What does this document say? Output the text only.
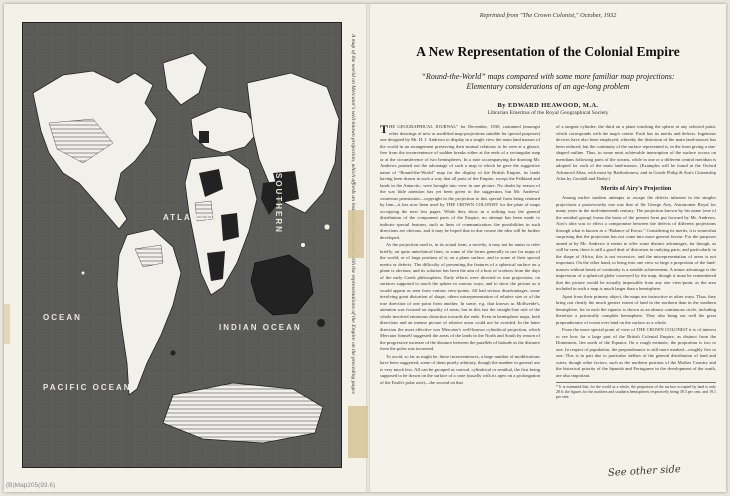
ATLANTIC
INDIAN OCEAN
SOUTHERN
PACIFIC OCEAN
OCEAN
(B)Map205(93.6)
Reprinted from "The Crown Colonist," October, 1932
A New Representation of the Colonial Empire
“Round-the-World” maps compared with some more familiar map projections: Elementary considerations of an age-long problem
By EDWARD HEAWOOD, M.A.
Librarian Emeritus of the Royal Geographical Society

THE GEOGRAPHICAL JOURNAL” for December, 1930, contained (amongst other drawings of new or modified map-projections suitable for special purposes) one designed by Mr. H. J. Andrews to display in a single view the main land masses of the world in an arrangement preserving their mutual relations to be seen at a glance, free from the inconvenience of sudden breaks either at the ends of a rectangular map or at the circumference of two hemispheres. In a note accompanying the drawing Mr. Andrews pointed out the advantage of such a map to which he gave the suggestive name of “Round-the-World” map for the display of the British Empire, its lands having been drawn in such a way that all parts of the Empire, except the Falkland and lands in the Antarctic, were brought into view in one picture. No doubt by reason of the war little attention has yet been given to the suggestion, but Mr. Andrews' courteous permission—copyright in the projection to this special form being retained by him—it has now been used by THE CROWN COLONIST for the plate of maps occupying the next few pages. While they show in a striking way the general distribution of the component parts of the Empire, no attempt has been made to indicate special features, such as lines of communication: the possibilities in such directions are obvious, and it may be hoped that in due course the idea will be further developed.

As the projection used is, in its actual form, a novelty, it may not be amiss to refer briefly, on quite untechnical lines, to some of the forms generally in use for maps of the world, or of large portions of it, on a plane surface, and to some of their special merits or defects. The difficulty of presenting the features of a spherical surface on a plane is obvious; and its solution has been the aim of a host of workers from the days of the early Greek philosophers. Early efforts were directed to true projections, on surfaces supposed to touch the sphere in various ways, and to show the picture as it would appear as seen from various view-points. All had serious disadvantages, some involving great distortion of shape, others misrepresentation of relative size or of the true direction of one point from another. In some, e.g. that known as Mollweide's, attention was focused on equality of areas, but in this last the straight-line rule of the whole involved enormous distortion towards the ends. Even in hemisphere maps, both directions and an intense picture of relative areas could not be avoided. In the latter direction the most effective was Mercator's well-known cylindrical projection, which Mercator himself suggested the areas of the lands in the North and South by reason of the progressive increase of the distance between the parallels of latitude as the distance from the poles was increased.

To avoid, so far as might be, these inconveniences, a large number of modifications have been suggested, some of them purely arbitrary, though the number in general use is very much less. All can be grouped as conical, cylindrical or zenithal, the first being supposed to be drawn on the surface of a cone (usually with its apex on a prolongation of the Earth's polar axis)—the second on that

of a tangent cylinder; the third on a plane touching the sphere at any selected point, which corresponds with the map's centre. Each has its merits and defects. Ingenious devices have also been employed, whereby the distortion of the main land-masses has been reduced, but the continuity of the surface represented is, in the form giving a star-shaped outline. Thus, in some most achievable interruption of the surface occurs on meridians following parts of the oceans, while in one or a different central meridian is adopted for each of the main land-masses. (Examples will be found in the Oxford Advanced Atlas, with most by Bartholomew, and in Goode Philip & Son's Citizenship Atlas by Goodall and Darby.)

Merits of Airy's Projection

Among earlier modern attempts to escape the defects inherent in the simpler projections a praiseworthy one was that of Sir George Airy, Astronomer Royal for many years in the mid-nineteenth century. The projection known by his name (one of the zenithal group) forms the basis of the present form put forward by Mr. Andrews. Airy's idea was to effect a compromise between the defects of different projections through what is known as a “Balance of Errors.” Considering its merits, it is somewhat surprising that the projection has not come into more general favour. For the purposes aimed at by Mr. Andrews it seems to offer some distinct advantages, for though, as will be seen, there is still a good deal of distortion in outlying parts, and particularly in the shape of Africa, this is not excessive, and the misrepresentation of areas is not important. On the other hand, to bring into one view so large a proportion of the land-masses without break of continuity is a notable achievement. A minor advantage is the impression of a spherical globe conveyed by the map, though it must be remembered that the picture would be actually impossible from any one view-point, as the area included in such a map is much larger than a hemisphere.

Apart from their primary object, the maps are instructive in other ways. Thus, they bring out clearly the much greater extent of land in the northern than in the southern hemisphere, for in each the equator is shown as an almost continuous circle, including therefore a practically complete hemisphere. They also bring out well the great preponderance of ocean over land on the surface as a whole.

From the more special point of view of THE CROWN COLONIST it is of interest to see how far a large part of the British Colonial Empire, as distinct from the Dominions, lies north of the Equator. On a rough estimate, the proportion is two to one. In respect of population, the preponderance is still more marked—roughly five to one. This is in part due to particular stellars of the general distribution of land and water, though other factors, such as the northern position of the Mother Country and the historical priority of the Spanish and Portuguese in the development of the south, are also important.

* It is estimated that, for the world as a whole, the proportion of the surface occupied by land is only 28.6; the figures for the northern and southern hemispheres respectively being 39.3 per cent. and 19.1 per cent.
See other side
